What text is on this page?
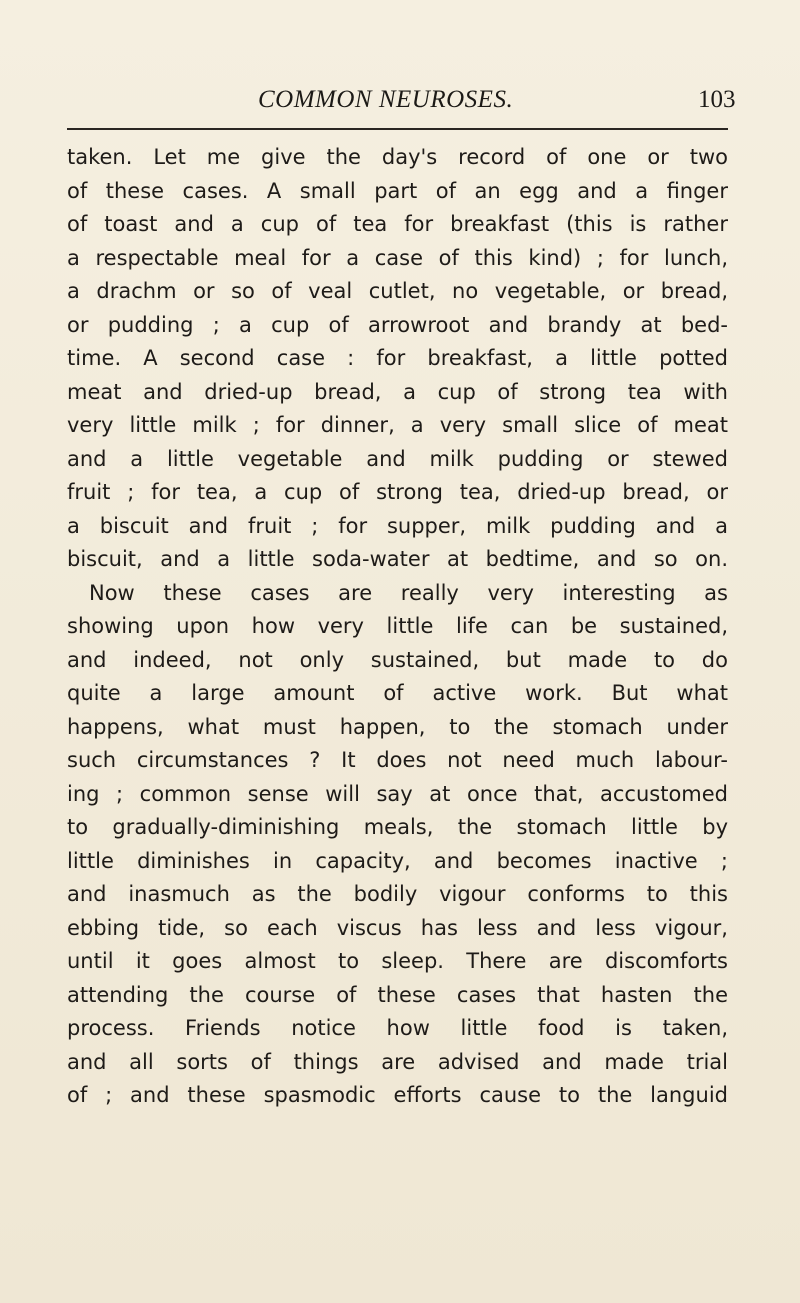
COMMON NEUROSES.	103
taken. Let me give the day's record of one or two
of these cases. A small part of an egg and a finger
of toast and a cup of tea for breakfast (this is rather
a respectable meal for a case of this kind) ; for lunch,
a drachm or so of veal cutlet, no vegetable, or bread,
or pudding ; a cup of arrowroot and brandy at bed-
time. A second case : for breakfast, a little potted
meat and dried-up bread, a cup of strong tea with
very little milk ; for dinner, a very small slice of meat
and a little vegetable and milk pudding or stewed
fruit ; for tea, a cup of strong tea, dried-up bread, or
a biscuit and fruit ; for supper, milk pudding and a
biscuit, and a little soda-water at bedtime, and so on.
Now these cases are really very interesting as
showing upon how very little life can be sustained,
and indeed, not only sustained, but made to do
quite a large amount of active work. But what
happens, what must happen, to the stomach under
such circumstances ? It does not need much labour-
ing ; common sense will say at once that, accustomed
to gradually-diminishing meals, the stomach little by
little diminishes in capacity, and becomes inactive ;
and inasmuch as the bodily vigour conforms to this
ebbing tide, so each viscus has less and less vigour,
until it goes almost to sleep. There are discomforts
attending the course of these cases that hasten the
process. Friends notice how little food is taken,
and all sorts of things are advised and made trial
of ; and these spasmodic efforts cause to the languid
